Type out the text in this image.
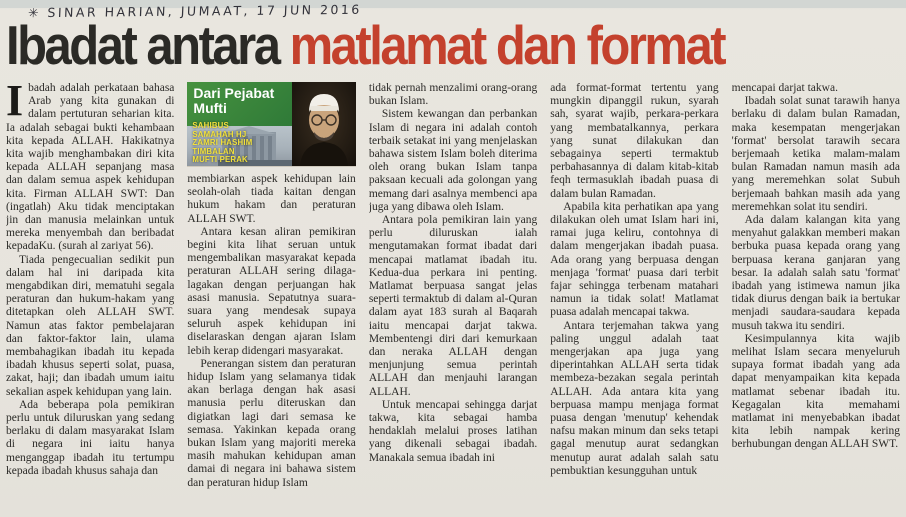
✳ SINAR HARIAN, JUMAAT, 17 JUN 2016
Ibadat antara matlamat dan format

Ibadah adalah perkataan bahasa Arab yang kita gunakan di dalam pertuturan seharian kita. Ia adalah sebagai bukti kehambaan kita kepada ALLAH. Hakikatnya kita wajib menghambakan diri kita kepada ALLAH sepanjang masa dan dalam semua aspek kehidupan kita. Firman ALLAH SWT: Dan (ingatlah) Aku tidak menciptakan jin dan manusia melainkan untuk mereka menyembah dan beribadat kepadaKu. (surah al zariyat 56).

Tiada pengecualian sedikit pun dalam hal ini daripada kita mengabdikan diri, mematuhi segala peraturan dan hukum-hakam yang ditetapkan oleh ALLAH SWT. Namun atas faktor pembelajaran dan faktor-faktor lain, ulama membahagikan ibadah itu kepada ibadah khusus seperti solat, puasa, zakat, haji; dan ibadah umum iaitu sekalian aspek kehidupan yang lain.

Ada beberapa pola pemikiran perlu untuk diluruskan yang sedang berlaku di dalam masyarakat Islam di negara ini iaitu hanya menganggap ibadah itu tertumpu kepada ibadah khusus sahaja dan

Dari Pejabat
Mufti
SAHIBUS
SAMAHAH HJ
ZAMRI HASHIM
TIMBALAN
MUFTI PERAK

membiarkan aspek kehidupan lain seolah-olah tiada kaitan dengan hukum hakam dan peraturan ALLAH SWT.

Antara kesan aliran pemikiran begini kita lihat seruan untuk mengembalikan masyarakat kepada peraturan ALLAH sering dilaga-lagakan dengan perjuangan hak asasi manusia. Sepatutnya suara-suara yang mendesak supaya seluruh aspek kehidupan ini diselaraskan dengan ajaran Islam lebih kerap didengari masyarakat.

Penerangan sistem dan peraturan hidup Islam yang selamanya tidak akan berlaga dengan hak asasi manusia perlu diteruskan dan digiatkan lagi dari semasa ke semasa. Yakinkan kepada orang bukan Islam yang majoriti mereka masih mahukan kehidupan aman damai di negara ini bahawa sistem dan peraturan hidup Islam

tidak pernah menzalimi orang-orang bukan Islam.

Sistem kewangan dan perbankan Islam di negara ini adalah contoh terbaik setakat ini yang menjelaskan bahawa sistem Islam boleh diterima oleh orang bukan Islam tanpa paksaan kecuali ada golongan yang memang dari asalnya membenci apa juga yang dibawa oleh Islam.

Antara pola pemikiran lain yang perlu diluruskan ialah mengutamakan format ibadat dari mencapai matlamat ibadah itu. Kedua-dua perkara ini penting. Matlamat berpuasa sangat jelas seperti termaktub di dalam al-Quran dalam ayat 183 surah al Baqarah iaitu mencapai darjat takwa. Membentengi diri dari kemurkaan dan neraka ALLAH dengan menjunjung semua perintah ALLAH dan menjauhi larangan ALLAH.

Untuk mencapai sehingga darjat takwa, kita sebagai hamba hendaklah melalui proses latihan yang dikenali sebagai ibadah. Manakala semua ibadah ini

ada format-format tertentu yang mungkin dipanggil rukun, syarah sah, syarat wajib, perkara-perkara yang membatalkannya, perkara yang sunat dilakukan dan sebagainya seperti termaktub perbahasannya di dalam kitab-kitab feqh termasuklah ibadah puasa di dalam bulan Ramadan.

Apabila kita perhatikan apa yang dilakukan oleh umat Islam hari ini, ramai juga keliru, contohnya di dalam mengerjakan ibadah puasa. Ada orang yang berpuasa dengan menjaga 'format' puasa dari terbit fajar sehingga terbenam matahari namun ia tidak solat! Matlamat puasa adalah mencapai takwa.

Antara terjemahan takwa yang paling unggul adalah taat mengerjakan apa juga yang diperintahkan ALLAH serta tidak membeza-bezakan segala perintah ALLAH. Ada antara kita yang berpuasa mampu menjaga format puasa dengan 'menutup' kehendak nafsu makan minum dan seks tetapi gagal menutup aurat sedangkan menutup aurat adalah salah satu pembuktian kesungguhan untuk

mencapai darjat takwa.

Ibadah solat sunat tarawih hanya berlaku di dalam bulan Ramadan, maka kesempatan mengerjakan 'format' bersolat tarawih secara berjemaah ketika malam-malam bulan Ramadan namun masih ada yang meremehkan solat Subuh berjemaah bahkan masih ada yang meremehkan solat itu sendiri.

Ada dalam kalangan kita yang menyahut galakkan memberi makan berbuka puasa kepada orang yang berpuasa kerana ganjaran yang besar. Ia adalah salah satu 'format' ibadah yang istimewa namun jika tidak diurus dengan baik ia bertukar menjadi saudara-saudara kepada musuh takwa itu sendiri.

Kesimpulannya kita wajib melihat Islam secara menyeluruh supaya format ibadah yang ada dapat menyampaikan kita kepada matlamat sebenar ibadah itu. Kegagalan kita memahami matlamat ini menyebabkan ibadat kita lebih nampak kering berhubungan dengan ALLAH SWT.
